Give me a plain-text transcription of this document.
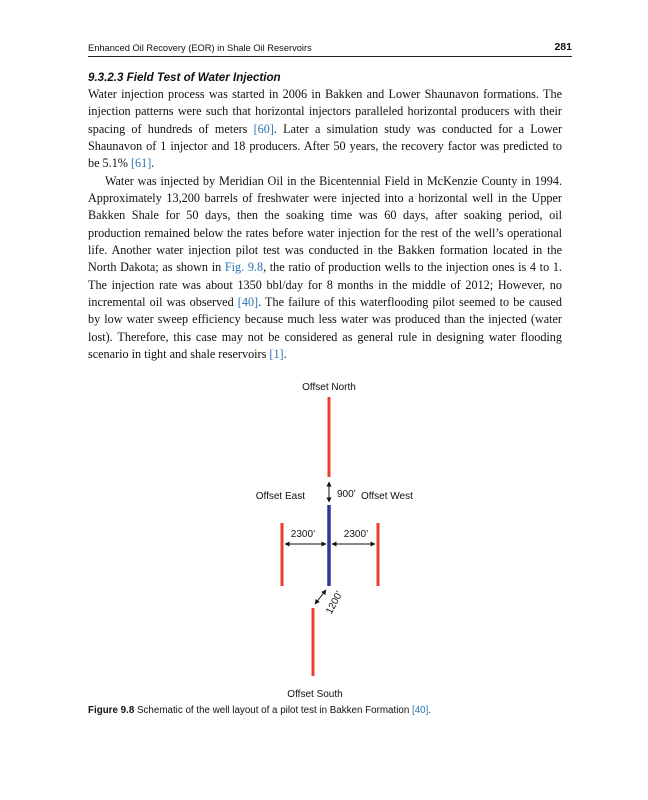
Enhanced Oil Recovery (EOR) in Shale Oil Reservoirs	281
9.3.2.3 Field Test of Water Injection

Water injection process was started in 2006 in Bakken and Lower Shaunavon formations. The injection patterns were such that horizontal injectors paralleled horizontal producers with their spacing of hundreds of meters [60]. Later a simulation study was conducted for a Lower Shaunavon of 1 injector and 18 producers. After 50 years, the recovery factor was predicted to be 5.1% [61].

Water was injected by Meridian Oil in the Bicentennial Field in McKenzie County in 1994. Approximately 13,200 barrels of freshwater were injected into a horizontal well in the Upper Bakken Shale for 50 days, then the soaking time was 60 days, after soaking period, oil production remained below the rates before water injection for the rest of the well’s operational life. Another water injection pilot test was conducted in the Bakken formation located in the North Dakota; as shown in Fig. 9.8, the ratio of production wells to the injection ones is 4 to 1. The injection rate was about 1350 bbl/day for 8 months in the middle of 2012; However, no incremental oil was observed [40]. The failure of this waterflooding pilot seemed to be caused by low water sweep efficiency because much less water was produced than the injected (water lost). Therefore, this case may not be considered as general rule in designing water flooding scenario in tight and shale reservoirs [1].

Offset North
Offset East	Offset West
900’
2300’	2300’
1200’
Offset South
Figure 9.8 Schematic of the well layout of a pilot test in Bakken Formation [40].
